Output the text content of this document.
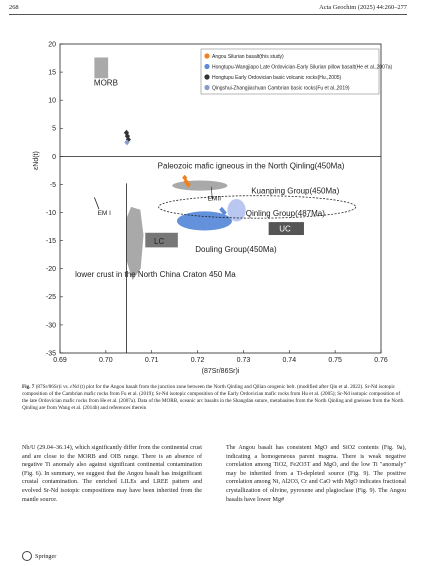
268	Acta Geochim (2025) 44:260–277
0.69	0.70	0.71	0.72	0.73	0.74	0.75	0.76
20
15
10
5
0
-5
-10
-15
-20
-25
-30
-35
(87Sr/86Sr)i
εNd(t)
MORB
Paleozoic mafic igneous in the North Qinling(450Ma)
EMII
Kuanping Group(450Ma)
EM I	Qinling Group(487Ma)
LC
UC
Douling Group(450Ma)
lower crust in the North China Craton 450 Ma
Angou Silurian basalt(this study)
Hongtupu-Wangjiapo Late Ordovician-Early Silurian pillow basalt(He et al.,2007a)
Hongtupu Early Ordovician basic volcanic rocks(Hu.,2005)
Qingshui-Zhangjiachuan Cambrian basic rocks(Fu et al.,2019)
Fig. 7 (87Sr/86Sr)i vs. εNd (t) plot for the Angou basalt from the junction zone between the North Qinling and Qilian orogenic belt. (modified after Qin et al. 2022). Sr-Nd isotopic composition of the Cambrian mafic rocks from Fu et al. (2019); Sr-Nd isotopic composition of the Early Ordovician mafic rocks from Hu et al. (2005); Sr-Nd isotopic composition of the late Ordovician mafic rocks from He et al. (2007a). Data of the MORB, oceanic arc basalts in the Shangdan suture, metabasites from the North Qinling and gneisses from the North Qinling are from Wang et al. (2014b) and references therein
Nb/U (29.04–36.14), which significantly differ from the continental crust and are close to the MORB and OIB range. There is an absence of negative Ti anomaly also against significant continental contamination (Fig. 6). In summary, we suggest that the Angou basalt has insignificant crustal contamination. The enriched LILEs and LREE pattern and evolved Sr-Nd isotopic compositions may have been inherited from the mantle source.
The Angou basalt has consistent MgO and SiO2 contents (Fig. 9a), indicating a homogeneous parent magma. There is weak negative correlation among TiO2, Fe2O3T and MgO, and the low Ti "anomaly" may be inherited from a Ti-depleted source (Fig. 9). The positive correlation among Ni, Al2O3, Cr and CaO with MgO indicates fractional crystallization of olivine, pyroxene and plagioclase (Fig. 9). The Angou basalts have lower Mg#
Springer
